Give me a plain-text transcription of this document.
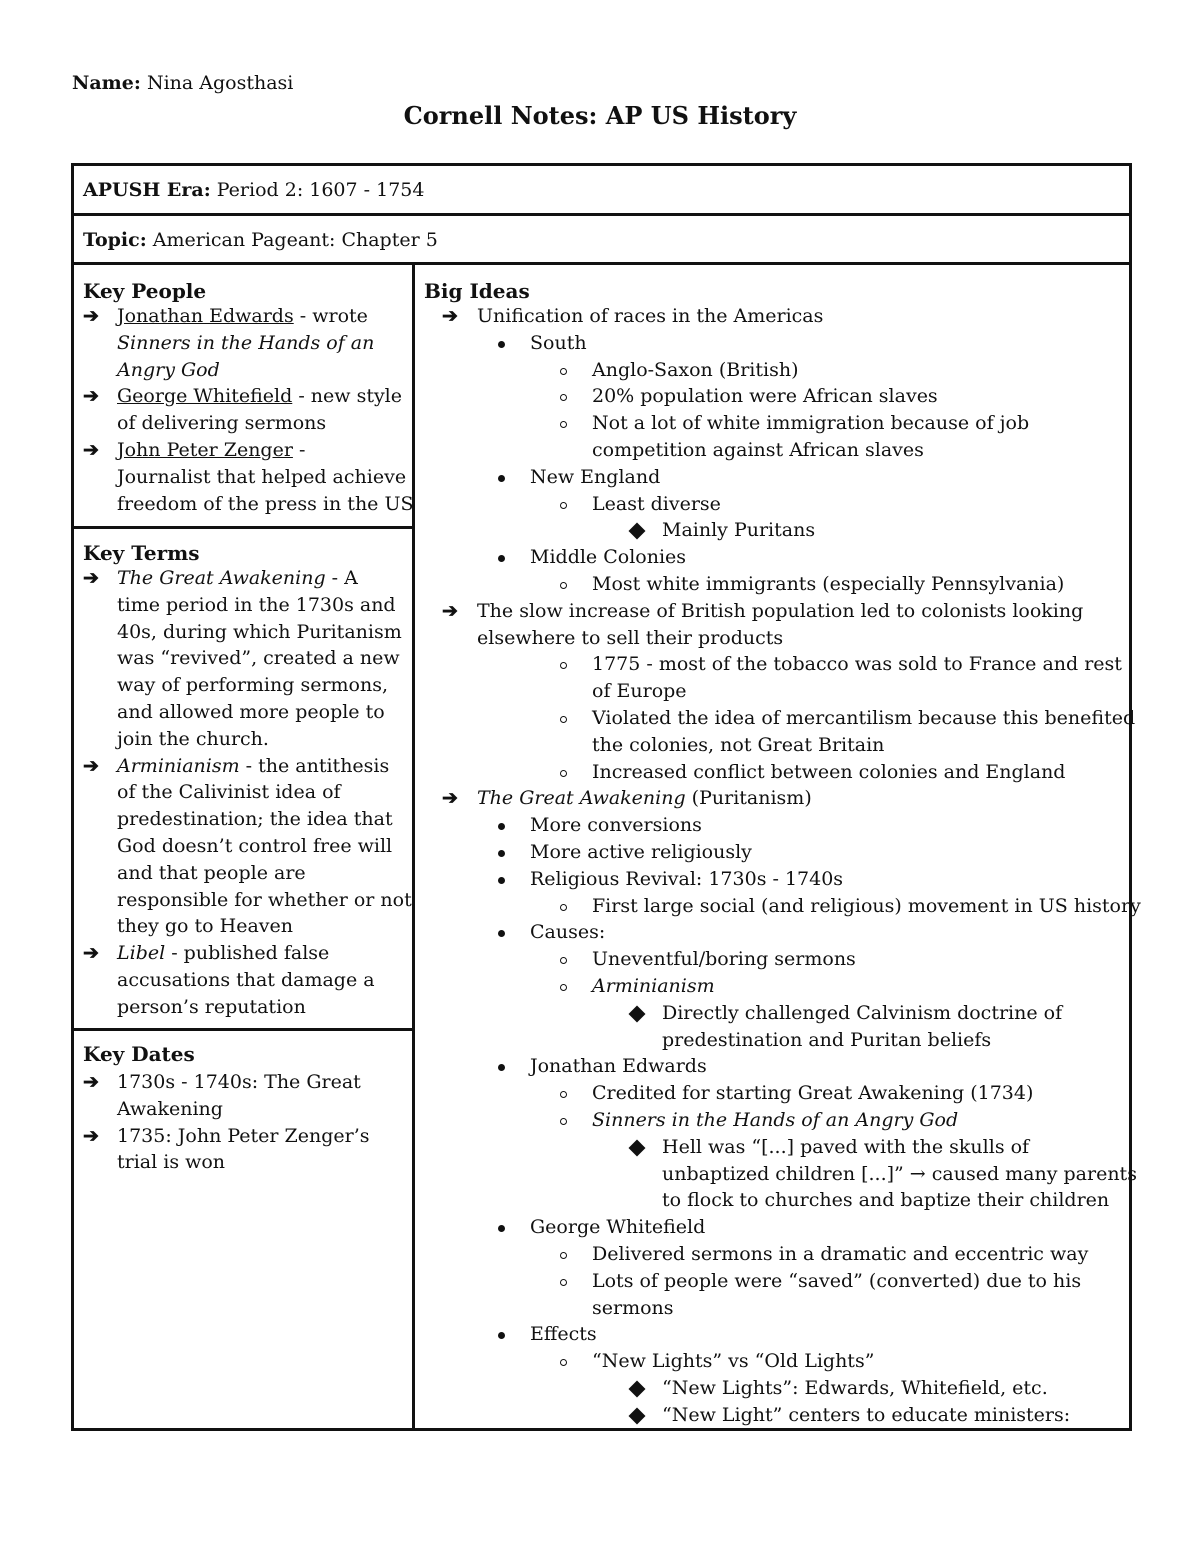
Name: Nina Agosthasi
Cornell Notes: AP US History
APUSH Era: Period 2: 1607 - 1754
Topic: American Pageant: Chapter 5
Key People
➔ Jonathan Edwards - wrote
Sinners in the Hands of an
Angry God
➔ George Whitefield - new style
of delivering sermons
➔ John Peter Zenger -
Journalist that helped achieve
freedom of the press in the US
Key Terms
➔ The Great Awakening - A
time period in the 1730s and
40s, during which Puritanism
was “revived”, created a new
way of performing sermons,
and allowed more people to
join the church.
➔ Arminianism - the antithesis
of the Calivinist idea of
predestination; the idea that
God doesn’t control free will
and that people are
responsible for whether or not
they go to Heaven
➔ Libel - published false
accusations that damage a
person’s reputation
Key Dates
➔ 1730s - 1740s: The Great
Awakening
➔ 1735: John Peter Zenger’s
trial is won
Big Ideas
➔ Unification of races in the Americas
South
Anglo-Saxon (British)
20% population were African slaves
Not a lot of white immigration because of job
competition against African slaves
New England
Least diverse
Mainly Puritans
Middle Colonies
Most white immigrants (especially Pennsylvania)
➔ The slow increase of British population led to colonists looking
elsewhere to sell their products
1775 - most of the tobacco was sold to France and rest
of Europe
Violated the idea of mercantilism because this benefited
the colonies, not Great Britain
Increased conflict between colonies and England
➔ The Great Awakening (Puritanism)
More conversions
More active religiously
Religious Revival: 1730s - 1740s
First large social (and religious) movement in US history
Causes:
Uneventful/boring sermons
Arminianism
Directly challenged Calvinism doctrine of
predestination and Puritan beliefs
Jonathan Edwards
Credited for starting Great Awakening (1734)
Sinners in the Hands of an Angry God
Hell was “[...] paved with the skulls of
unbaptized children [...]” → caused many parents
to flock to churches and baptize their children
George Whitefield
Delivered sermons in a dramatic and eccentric way
Lots of people were “saved” (converted) due to his
sermons
Effects
“New Lights” vs “Old Lights”
“New Lights”: Edwards, Whitefield, etc.
“New Light” centers to educate ministers:
